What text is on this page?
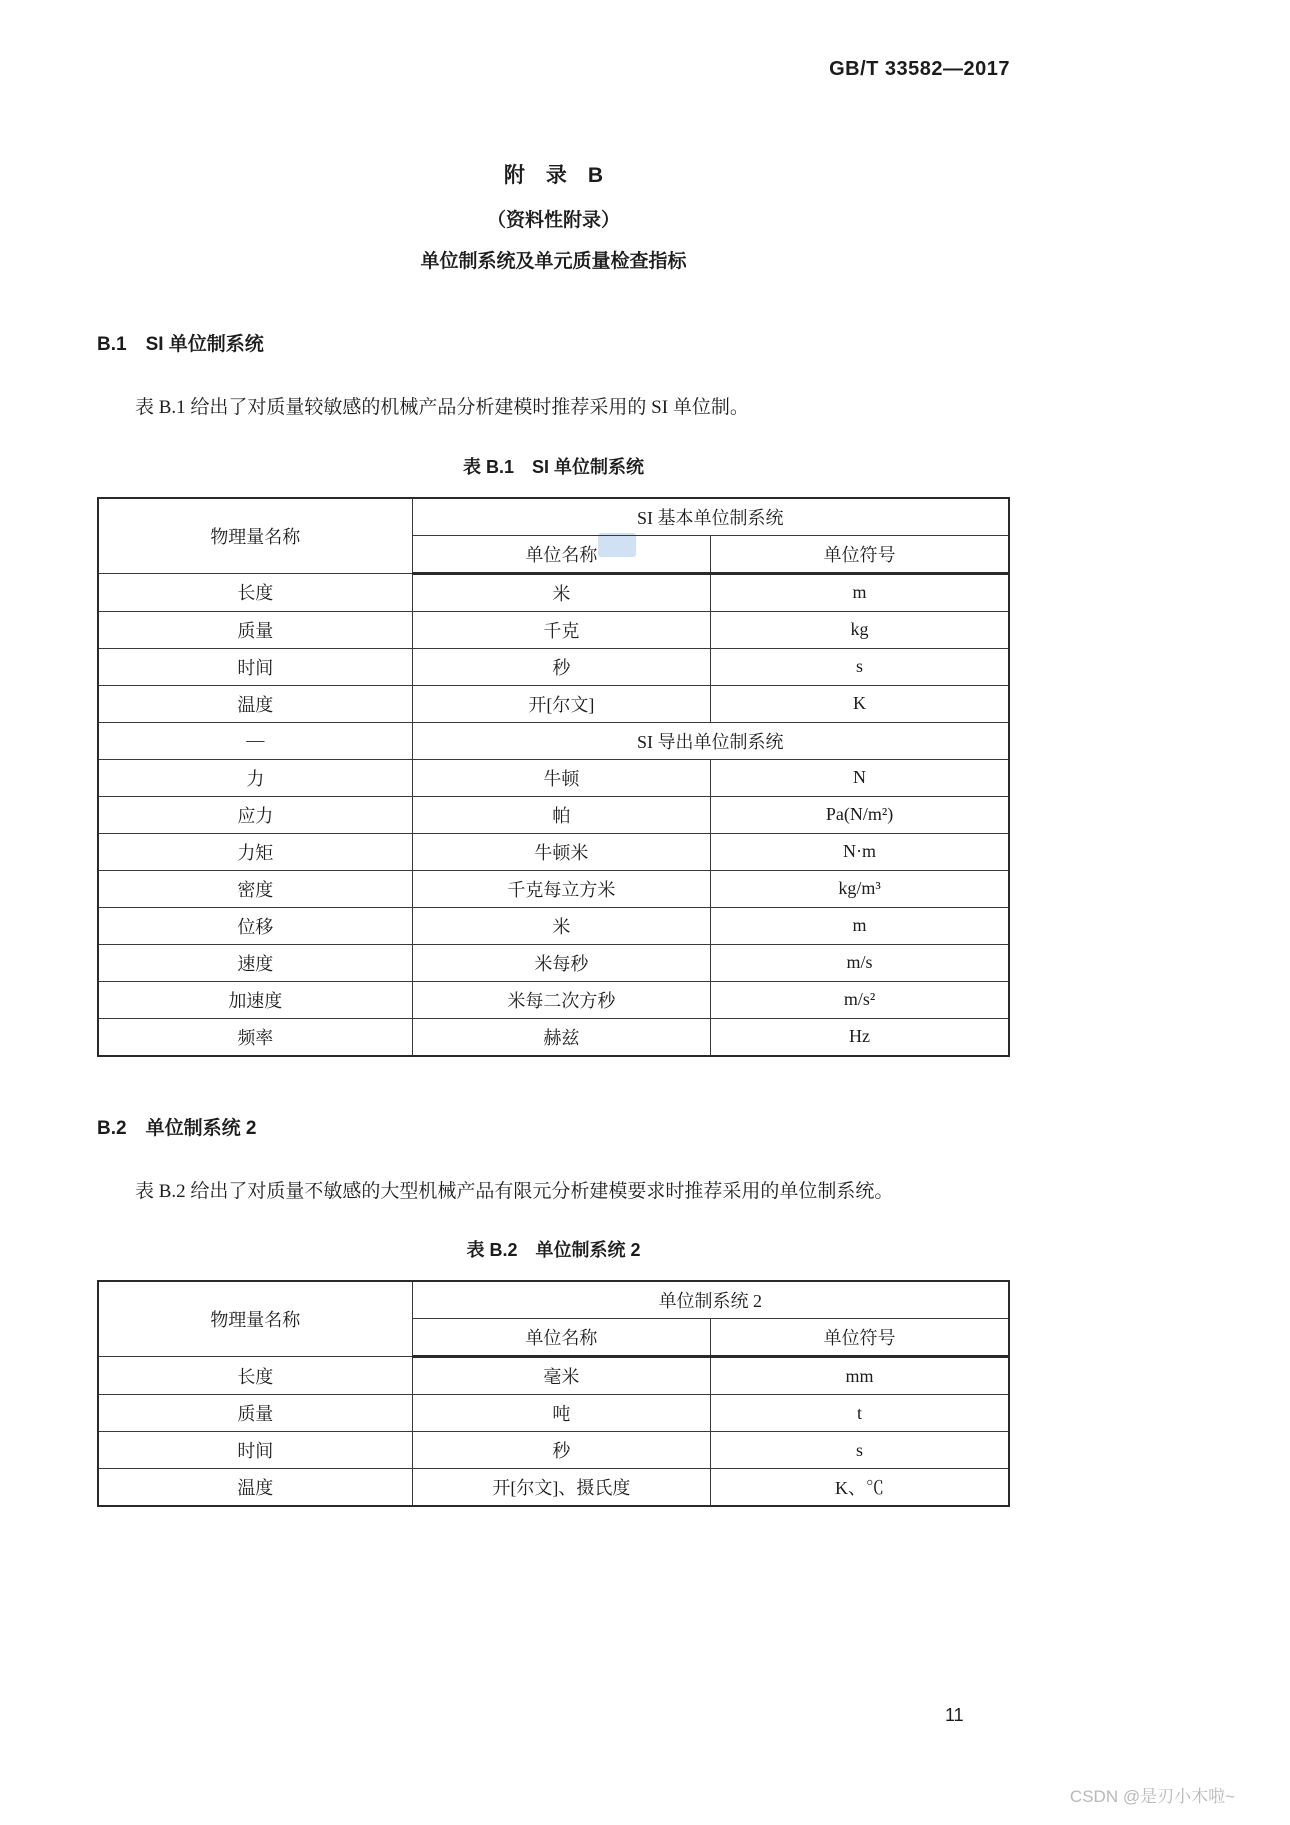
GB/T 33582—2017
附　录　B
（资料性附录）
单位制系统及单元质量检查指标
B.1　SI 单位制系统

表 B.1 给出了对质量较敏感的机械产品分析建模时推荐采用的 SI 单位制。

表 B.1　SI 单位制系统
物理量名称	SI 基本单位制系统	
	单位名称	单位符号
长度	米	m
质量	千克	kg
时间	秒	s
温度	开[尔文]	K
—	SI 导出单位制系统	
力	牛顿	N
应力	帕	Pa(N/m²)
力矩	牛顿米	N·m
密度	千克每立方米	kg/m³
位移	米	m
速度	米每秒	m/s
加速度	米每二次方秒	m/s²
频率	赫兹	Hz
B.2　单位制系统 2

表 B.2 给出了对质量不敏感的大型机械产品有限元分析建模要求时推荐采用的单位制系统。

表 B.2　单位制系统 2
物理量名称	单位制系统 2	
	单位名称	单位符号
长度	毫米	mm
质量	吨	t
时间	秒	s
温度	开[尔文]、摄氏度	K、℃
11
CSDN @是刃小木啦~
